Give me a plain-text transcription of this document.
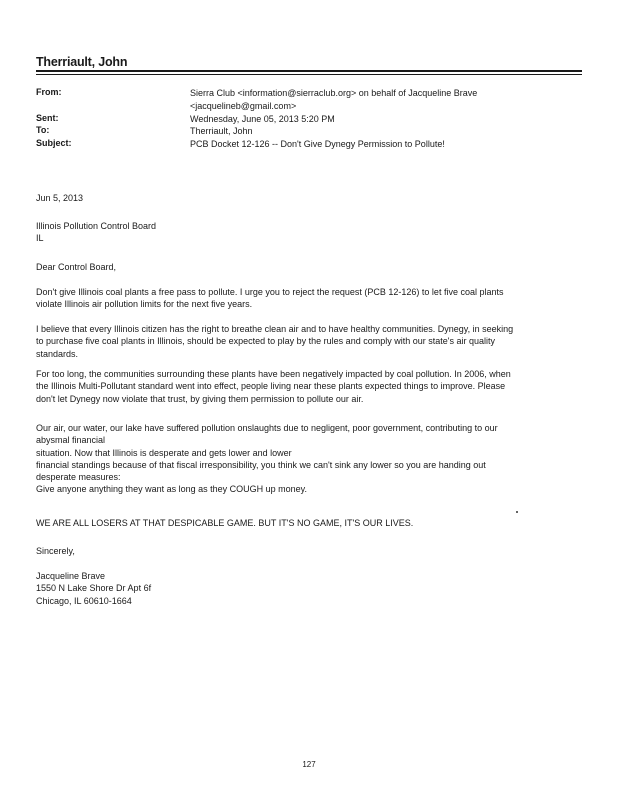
Therriault, John
From:	Sierra Club <information@sierraclub.org> on behalf of Jacqueline Brave <jacquelineb@gmail.com>
Sent:	Wednesday, June 05, 2013 5:20 PM
To:	Therriault, John
Subject:	PCB Docket 12-126 -- Don't Give Dynegy Permission to Pollute!
Jun 5, 2013
Illinois Pollution Control Board
IL
Dear Control Board,
Don't give Illinois coal plants a free pass to pollute. I urge you to reject the request (PCB 12-126) to let five coal plants
violate Illinois air pollution limits for the next five years.
I believe that every Illinois citizen has the right to breathe clean air and to have healthy communities. Dynegy, in seeking
to purchase five coal plants in Illinois, should be expected to play by the rules and comply with our state's air quality
standards.
For too long, the communities surrounding these plants have been negatively impacted by coal pollution. In 2006, when
the Illinois Multi-Pollutant standard went into effect, people living near these plants expected things to improve. Please
don't let Dynegy now violate that trust, by giving them permission to pollute our air.
Our air, our water, our lake have suffered pollution onslaughts due to negligent, poor government, contributing to our
abysmal financial
situation. Now that Illinois is desperate and gets lower and lower
financial standings because of that fiscal irresponsibility, you think we can't sink any lower so you are handing out
desperate measures:
Give anyone anything they want as long as they COUGH up money.
WE ARE ALL LOSERS AT THAT DESPICABLE GAME. BUT IT'S NO GAME, IT'S OUR LIVES.
Sincerely,
Jacqueline Brave
1550 N Lake Shore Dr Apt 6f
Chicago, IL 60610-1664
127
